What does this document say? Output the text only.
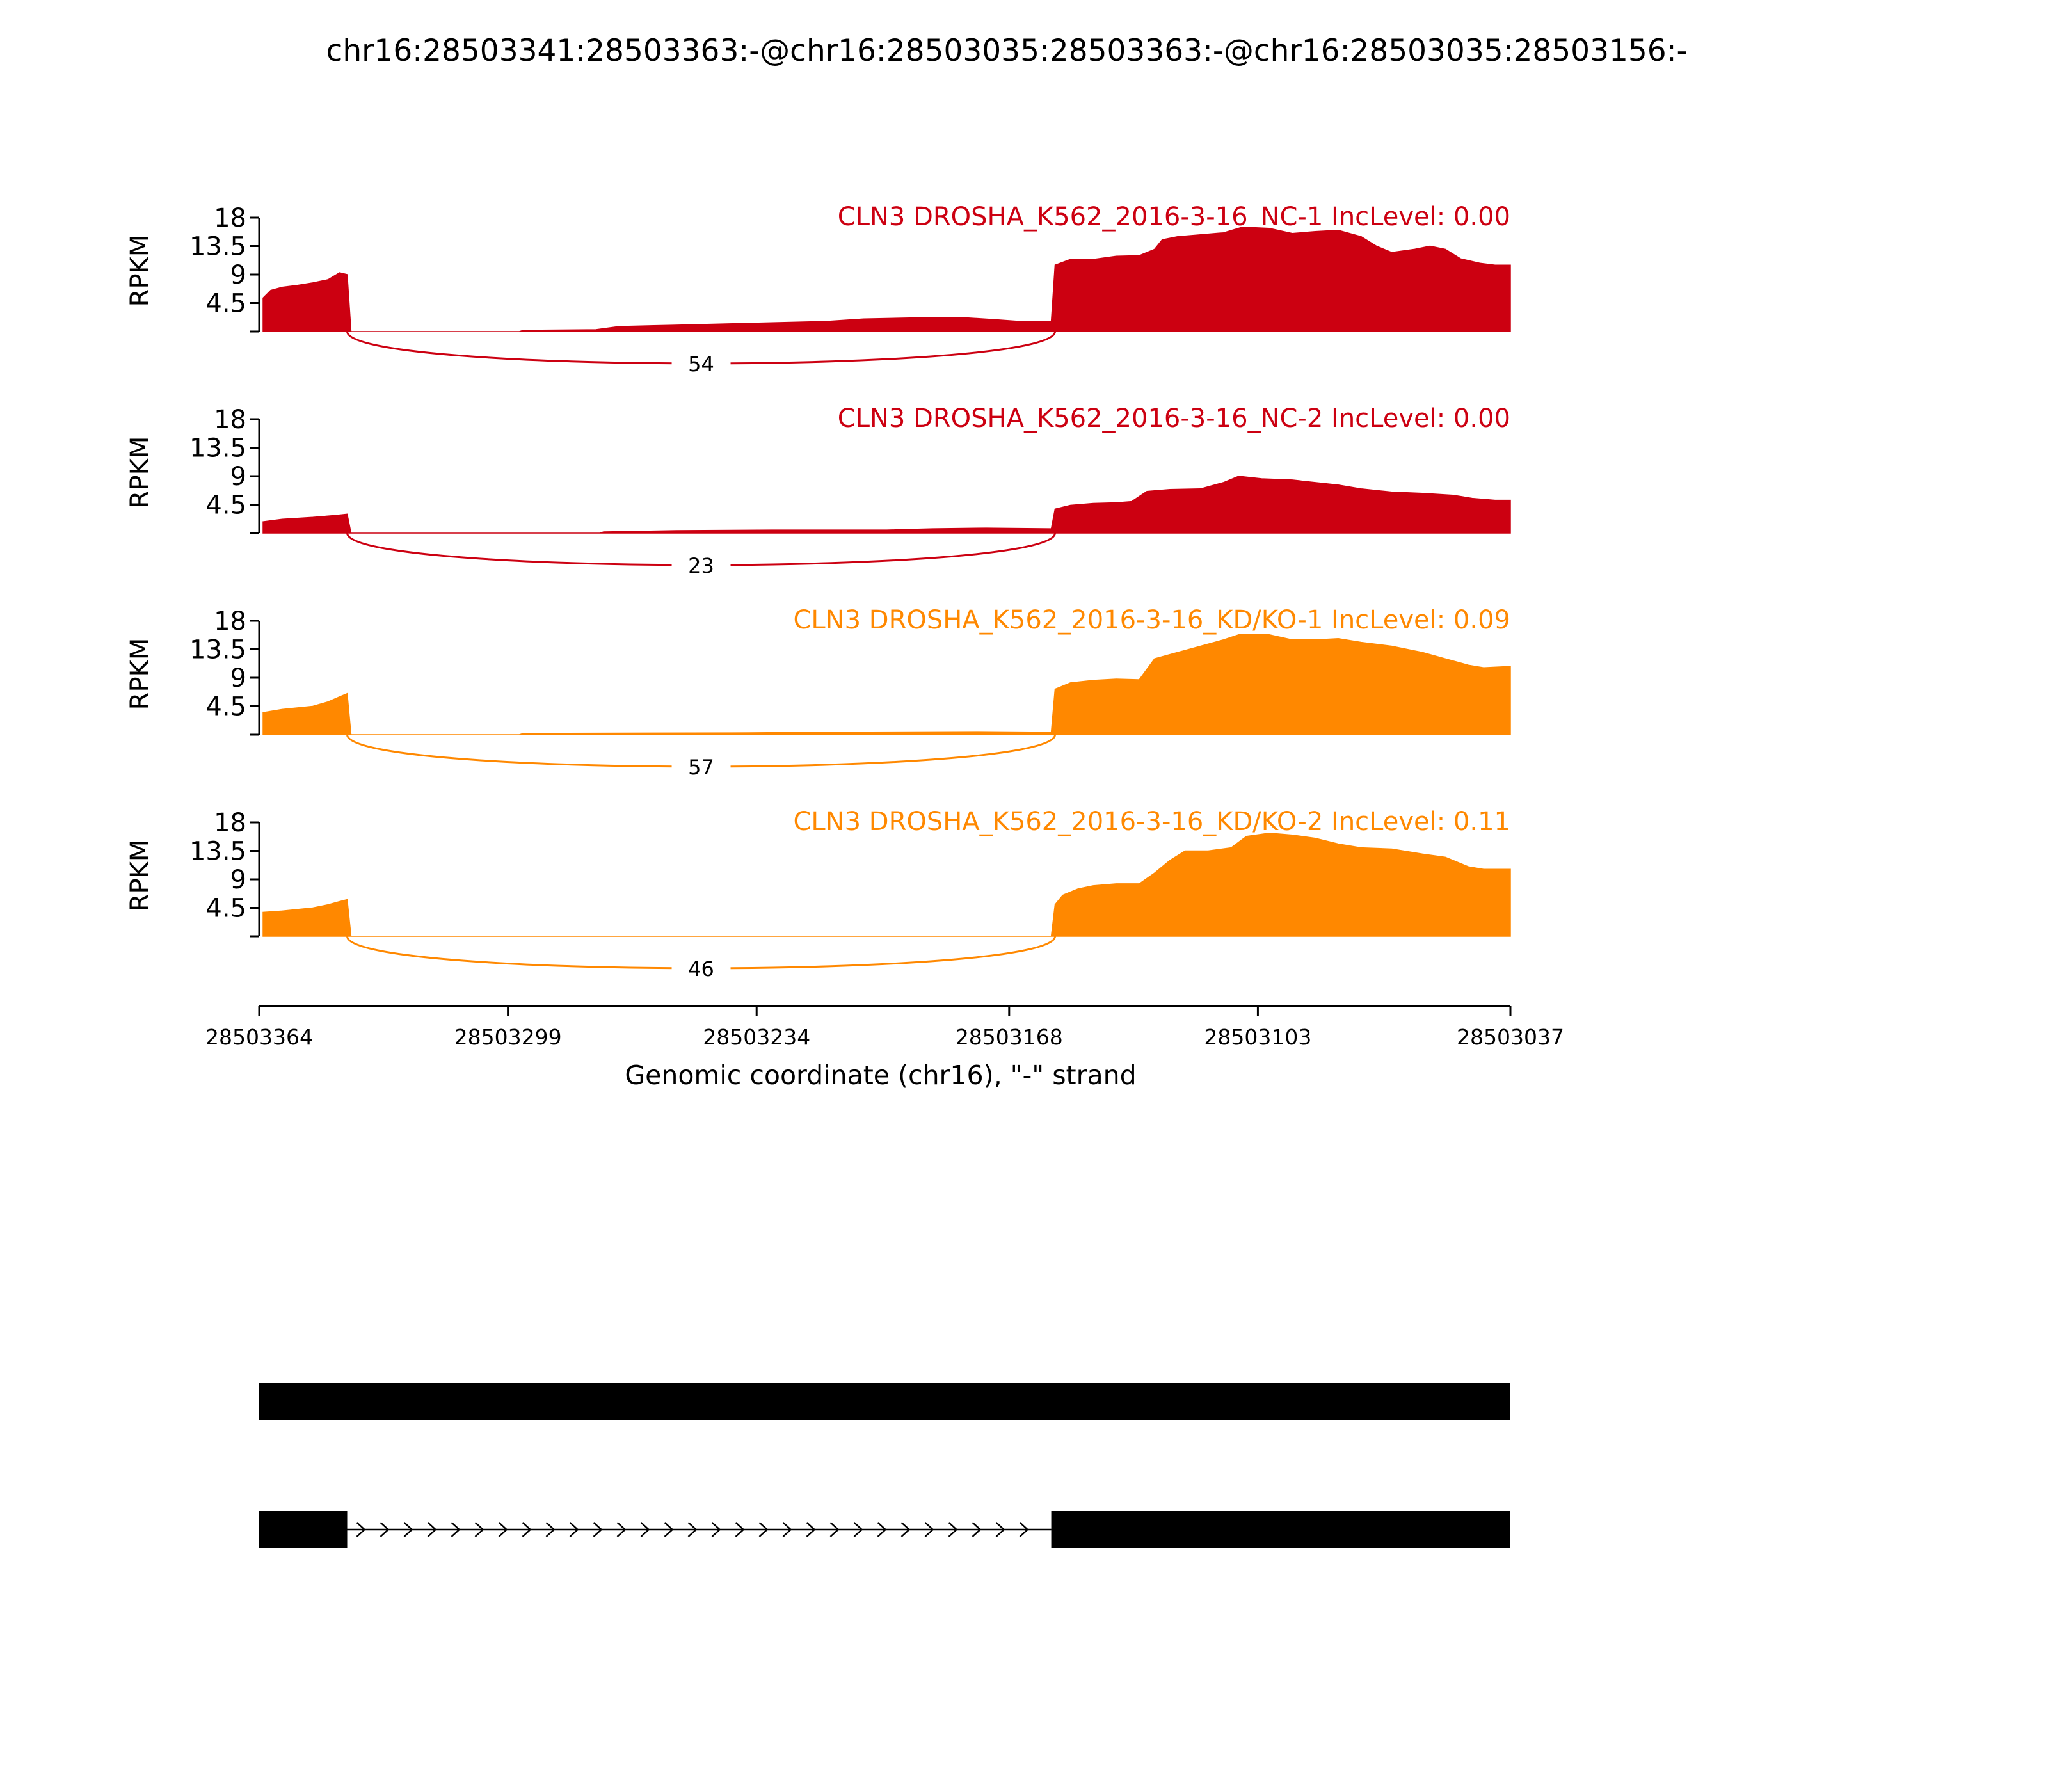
chr16:28503341:28503363:-@chr16:28503035:28503363:-@chr16:28503035:28503156:-
4.5
9
13.5
18
RPKM
CLN3 DROSHA_K562_2016-3-16_NC-1 IncLevel: 0.00
54
4.5
9
13.5
18
RPKM
CLN3 DROSHA_K562_2016-3-16_NC-2 IncLevel: 0.00
23
4.5
9
13.5
18
RPKM
CLN3 DROSHA_K562_2016-3-16_KD/KO-1 IncLevel: 0.09
57
4.5
9
13.5
18
RPKM
CLN3 DROSHA_K562_2016-3-16_KD/KO-2 IncLevel: 0.11
46
28503364	28503299	28503234	28503168	28503103	28503037
Genomic coordinate (chr16), "-" strand
